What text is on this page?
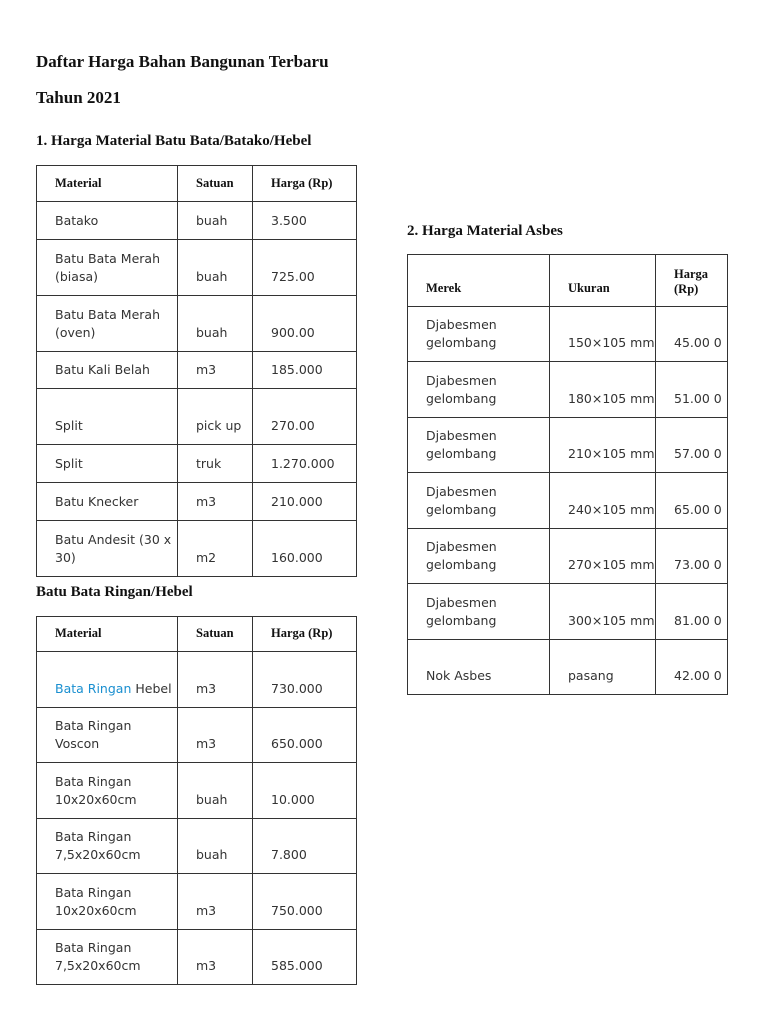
Daftar Harga Bahan Bangunan Terbaru
Tahun 2021
1. Harga Material Batu Bata/Batako/Hebel
Material	Satuan	Harga (Rp)
Batako	buah	3.500
Batu Bata Merah (biasa)	buah	725.00
Batu Bata Merah (oven)	buah	900.00
Batu Kali Belah	m3	185.000
Split	pick up	270.00
Split	truk	1.270.000
Batu Knecker	m3	210.000
Batu Andesit (30 x 30)	m2	160.000
Batu Bata Ringan/Hebel
Material	Satuan	Harga (Rp)
Bata Ringan Hebel	m3	730.000
Bata Ringan Voscon	m3	650.000
Bata Ringan 10x20x60cm	buah	10.000
Bata Ringan 7,5x20x60cm	buah	7.800
Bata Ringan 10x20x60cm	m3	750.000
Bata Ringan 7,5x20x60cm	m3	585.000
2. Harga Material Asbes
Merek	Ukuran	Harga (Rp)
Djabesmen gelombang	150×105 mm	45.00 0
Djabesmen gelombang	180×105 mm	51.00 0
Djabesmen gelombang	210×105 mm	57.00 0
Djabesmen gelombang	240×105 mm	65.00 0
Djabesmen gelombang	270×105 mm	73.00 0
Djabesmen gelombang	300×105 mm	81.00 0
Nok Asbes	pasang	42.00 0
